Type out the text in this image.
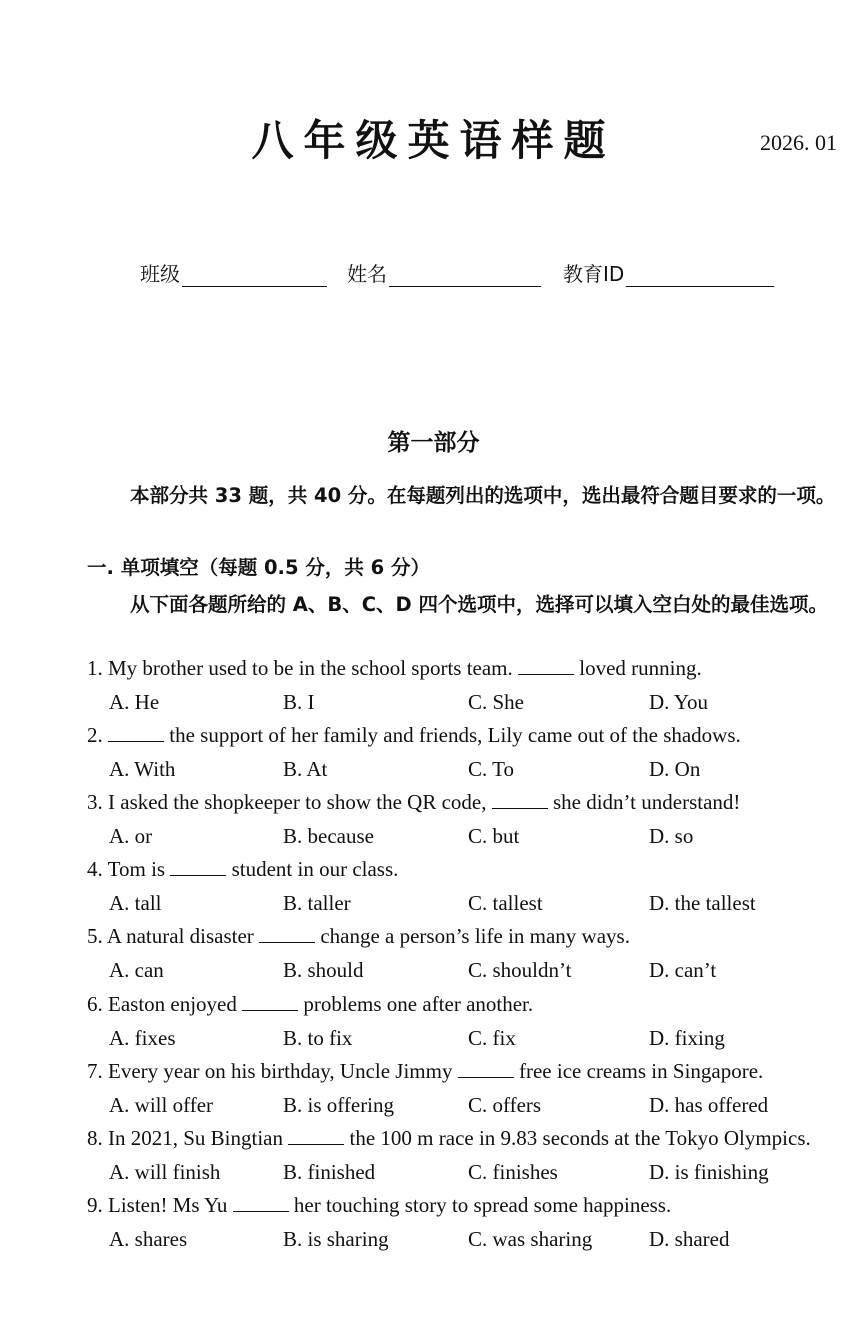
八年级英语样题	2026. 01
班级	姓名	教育ID
第一部分
本部分共 33 题，共 40 分。在每题列出的选项中，选出最符合题目要求的一项。
一. 单项填空（每题 0.5 分，共 6 分）
从下面各题所给的 A、B、C、D 四个选项中，选择可以填入空白处的最佳选项。
1. My brother used to be in the school sports team.	loved running.
A. He	B. I	C. She	D. You
2.	the support of her family and friends, Lily came out of the shadows.
A. With	B. At	C. To	D. On
3. I asked the shopkeeper to show the QR code,	she didn’t understand!
A. or	B. because	C. but	D. so
4. Tom is	student in our class.
A. tall	B. taller	C. tallest	D. the tallest
5. A natural disaster	change a person’s life in many ways.
A. can	B. should	C. shouldn’t	D. can’t
6. Easton enjoyed	problems one after another.
A. fixes	B. to fix	C. fix	D. fixing
7. Every year on his birthday, Uncle Jimmy	free ice creams in Singapore.
A. will offer	B. is offering	C. offers	D. has offered
8. In 2021, Su Bingtian	the 100 m race in 9.83 seconds at the Tokyo Olympics.
A. will finish	B. finished	C. finishes	D. is finishing
9. Listen! Ms Yu	her touching story to spread some happiness.
A. shares	B. is sharing	C. was sharing	D. shared
